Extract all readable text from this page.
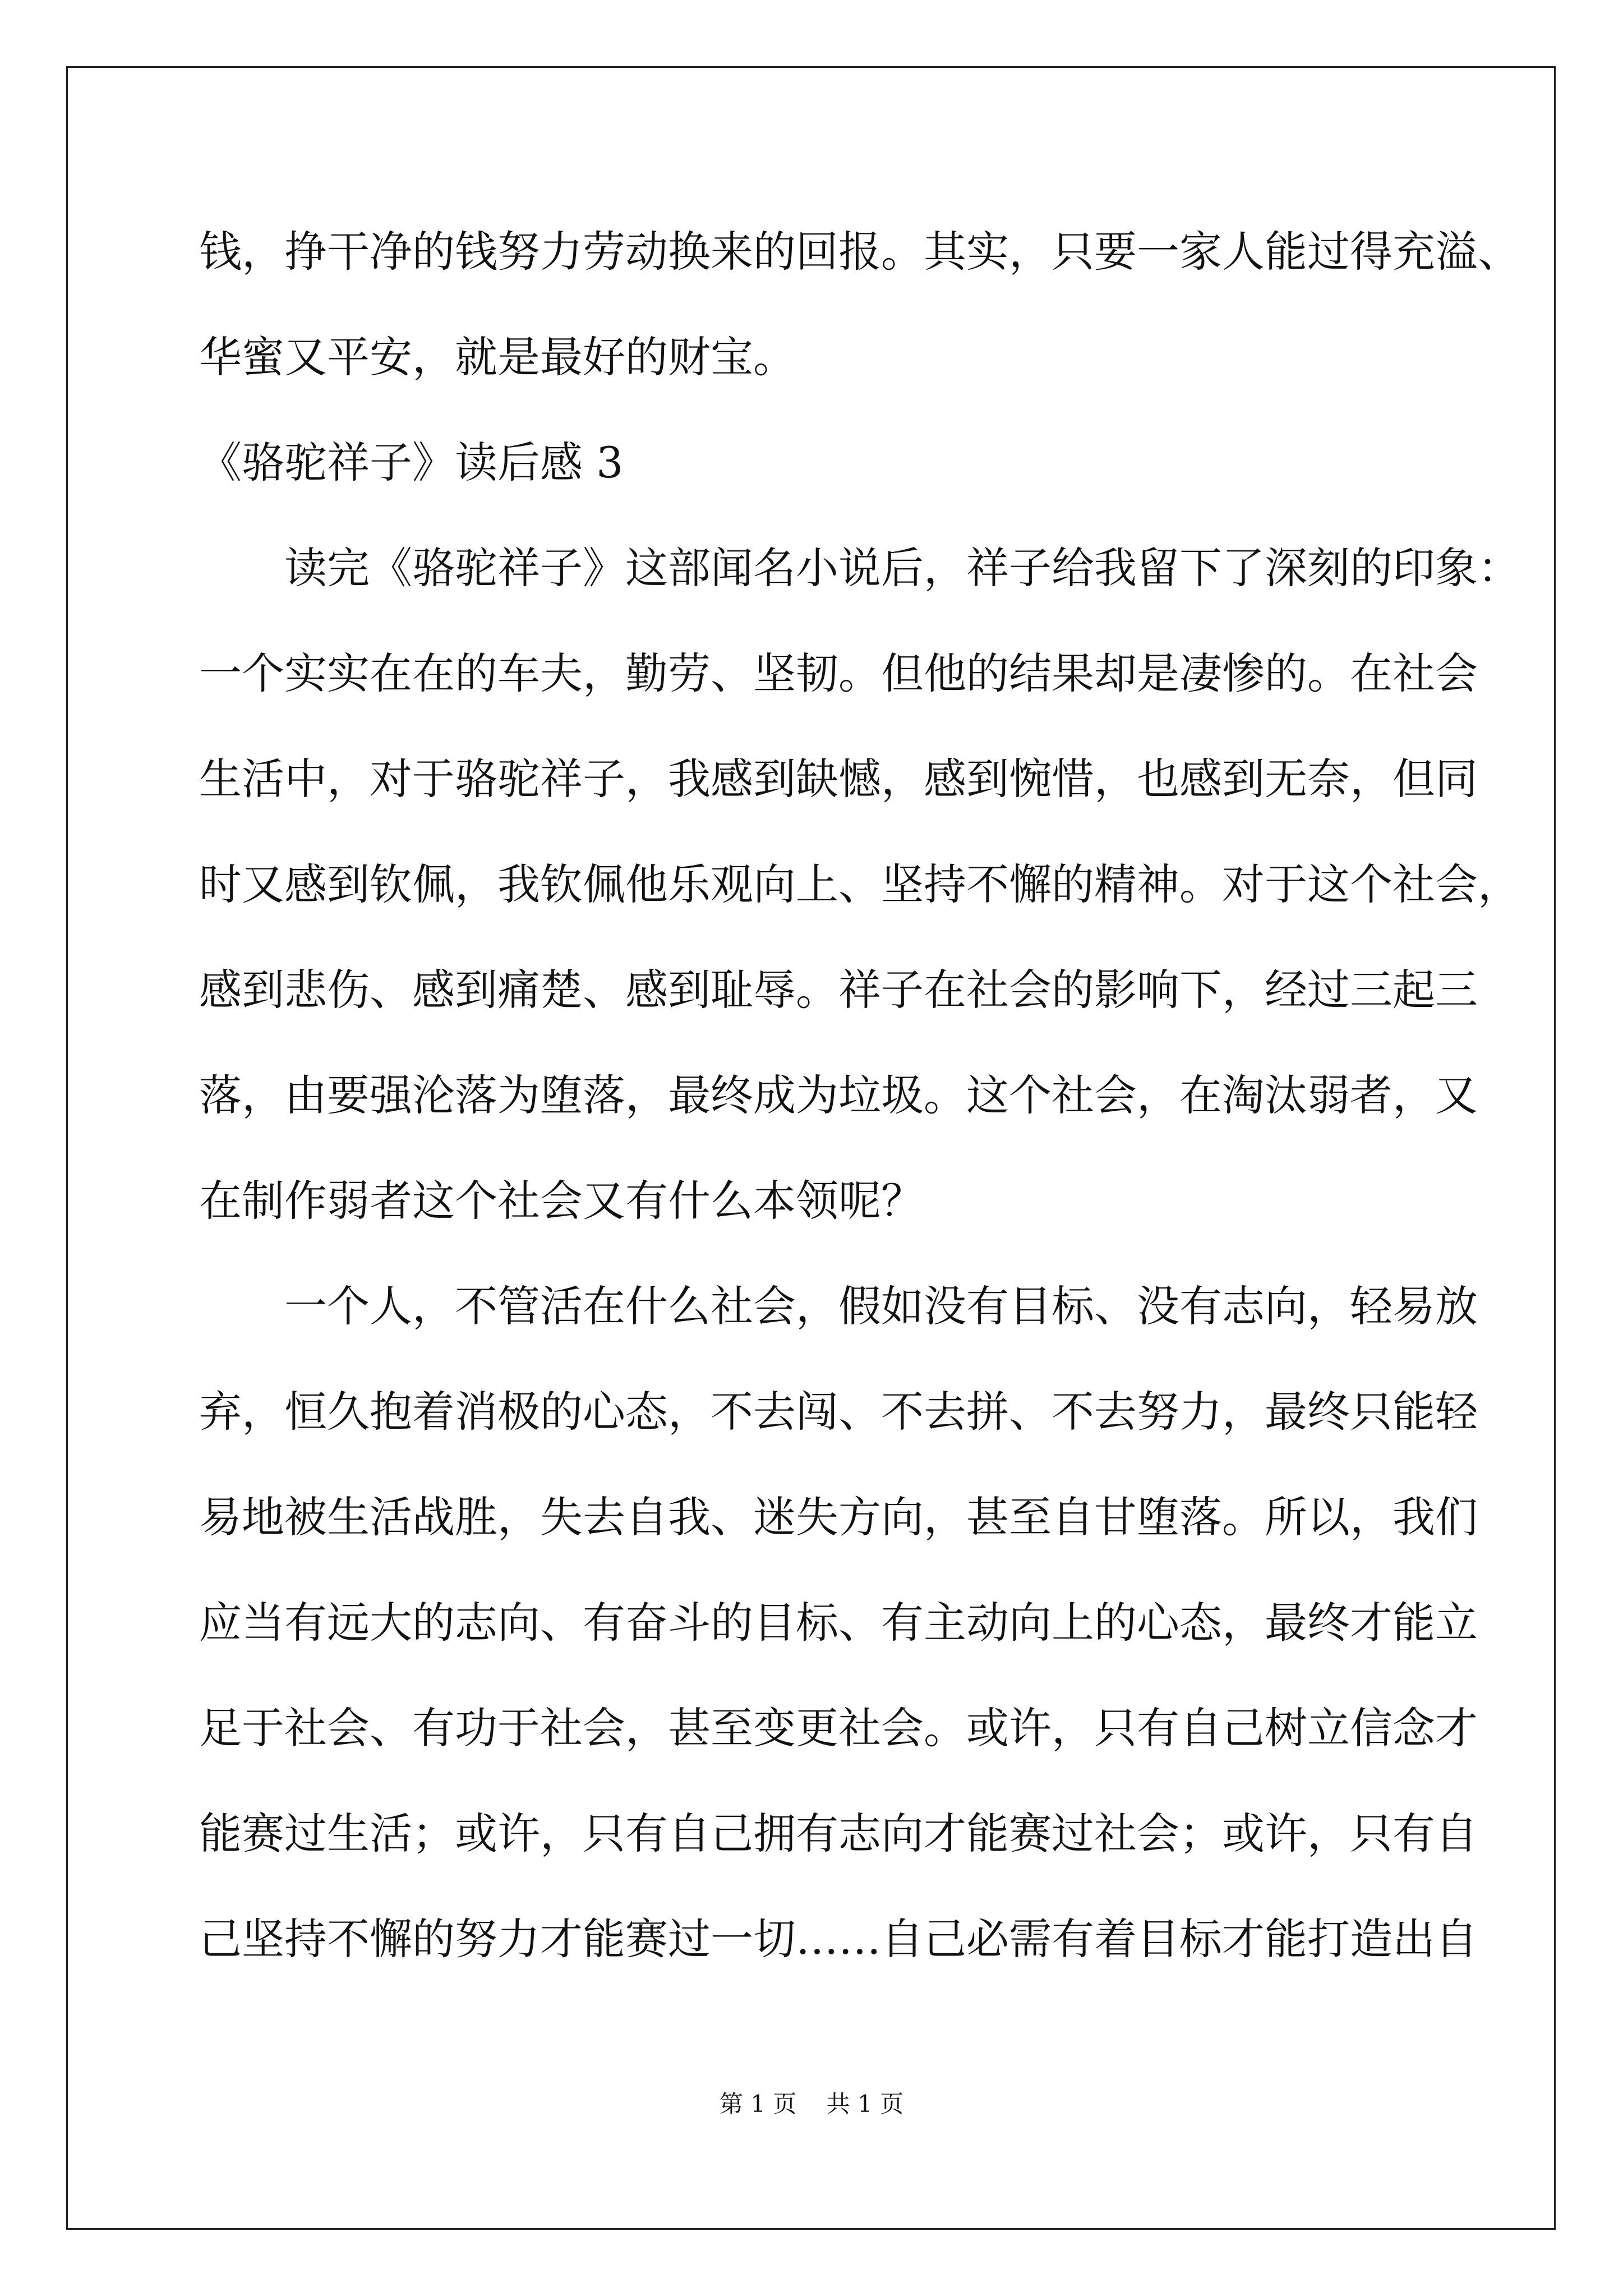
钱，挣干净的钱努力劳动换来的回报。其实，只要一家人能过得充溢、
华蜜又平安，就是最好的财宝。
《骆驼祥子》读后感 3
读完《骆驼祥子》这部闻名小说后，祥子给我留下了深刻的印象：
一个实实在在的车夫，勤劳、坚韧。但他的结果却是凄惨的。在社会
生活中，对于骆驼祥子，我感到缺憾，感到惋惜，也感到无奈，但同
时又感到钦佩，我钦佩他乐观向上、坚持不懈的精神。对于这个社会，
感到悲伤、感到痛楚、感到耻辱。祥子在社会的影响下，经过三起三
落，由要强沦落为堕落，最终成为垃圾。这个社会，在淘汰弱者，又
在制作弱者这个社会又有什么本领呢？
一个人，不管活在什么社会，假如没有目标、没有志向，轻易放
弃，恒久抱着消极的心态，不去闯、不去拼、不去努力，最终只能轻
易地被生活战胜，失去自我、迷失方向，甚至自甘堕落。所以，我们
应当有远大的志向、有奋斗的目标、有主动向上的心态，最终才能立
足于社会、有功于社会，甚至变更社会。或许，只有自己树立信念才
能赛过生活；或许，只有自己拥有志向才能赛过社会；或许，只有自
己坚持不懈的努力才能赛过一切……自己必需有着目标才能打造出自
第 1 页    共 1 页
